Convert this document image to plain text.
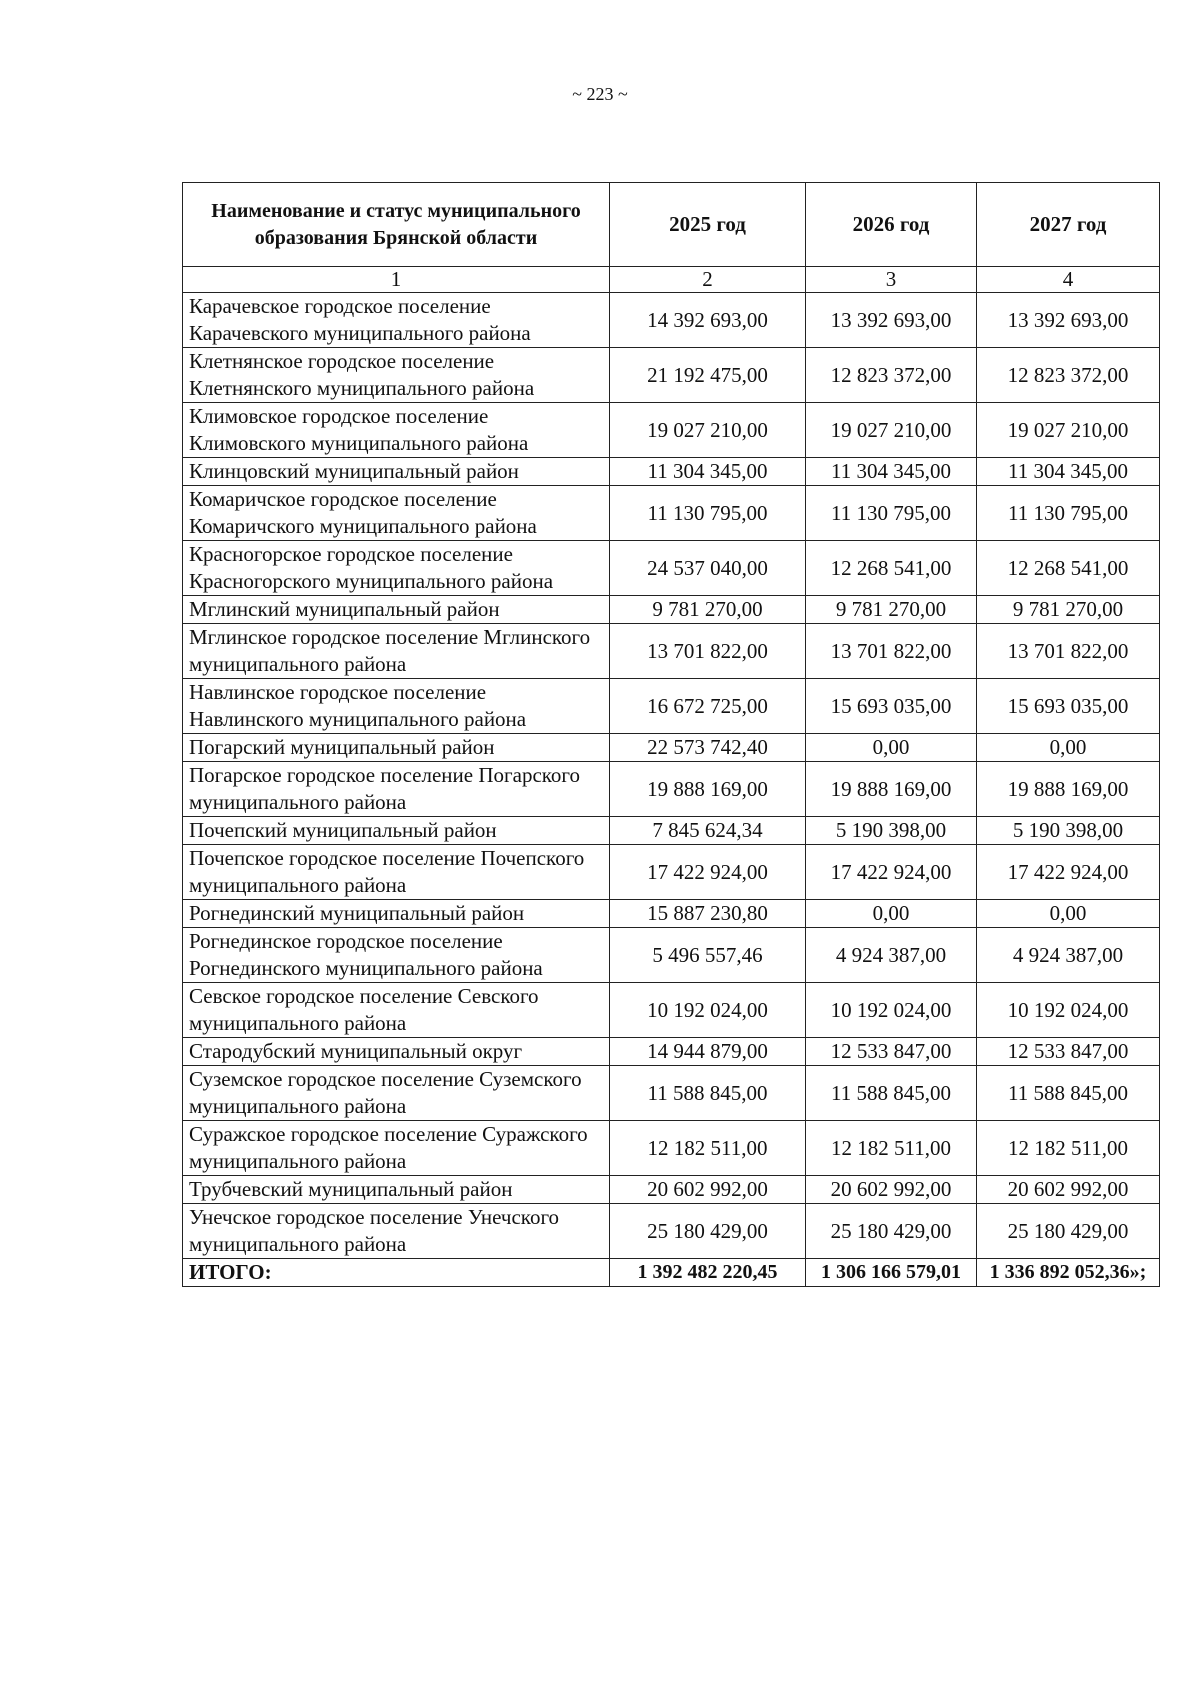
~ 223 ~
Наименование и статус муниципального образования Брянской области	2025 год	2026 год	2027 год
1	2	3	4
Карачевское городское поселение Карачевского муниципального района	14 392 693,00	13 392 693,00	13 392 693,00
Клетнянское городское поселение Клетнянского муниципального района	21 192 475,00	12 823 372,00	12 823 372,00
Климовское городское поселение Климовского муниципального района	19 027 210,00	19 027 210,00	19 027 210,00
Клинцовский муниципальный район	11 304 345,00	11 304 345,00	11 304 345,00
Комаричское городское поселение Комаричского муниципального района	11 130 795,00	11 130 795,00	11 130 795,00
Красногорское городское поселение Красногорского муниципального района	24 537 040,00	12 268 541,00	12 268 541,00
Мглинский муниципальный район	9 781 270,00	9 781 270,00	9 781 270,00
Мглинское городское поселение Мглинского муниципального района	13 701 822,00	13 701 822,00	13 701 822,00
Навлинское городское поселение Навлинского муниципального района	16 672 725,00	15 693 035,00	15 693 035,00
Погарский муниципальный район	22 573 742,40	0,00	0,00
Погарское городское поселение Погарского муниципального района	19 888 169,00	19 888 169,00	19 888 169,00
Почепский муниципальный район	7 845 624,34	5 190 398,00	5 190 398,00
Почепское городское поселение Почепского муниципального района	17 422 924,00	17 422 924,00	17 422 924,00
Рогнединский муниципальный район	15 887 230,80	0,00	0,00
Рогнединское городское поселение Рогнединского муниципального района	5 496 557,46	4 924 387,00	4 924 387,00
Севское городское поселение Севского муниципального района	10 192 024,00	10 192 024,00	10 192 024,00
Стародубский муниципальный округ	14 944 879,00	12 533 847,00	12 533 847,00
Суземское городское поселение Суземского муниципального района	11 588 845,00	11 588 845,00	11 588 845,00
Суражское городское поселение Суражского муниципального района	12 182 511,00	12 182 511,00	12 182 511,00
Трубчевский муниципальный район	20 602 992,00	20 602 992,00	20 602 992,00
Унечское городское поселение Унечского муниципального района	25 180 429,00	25 180 429,00	25 180 429,00
ИТОГО:	1 392 482 220,45	1 306 166 579,01	1 336 892 052,36»;
